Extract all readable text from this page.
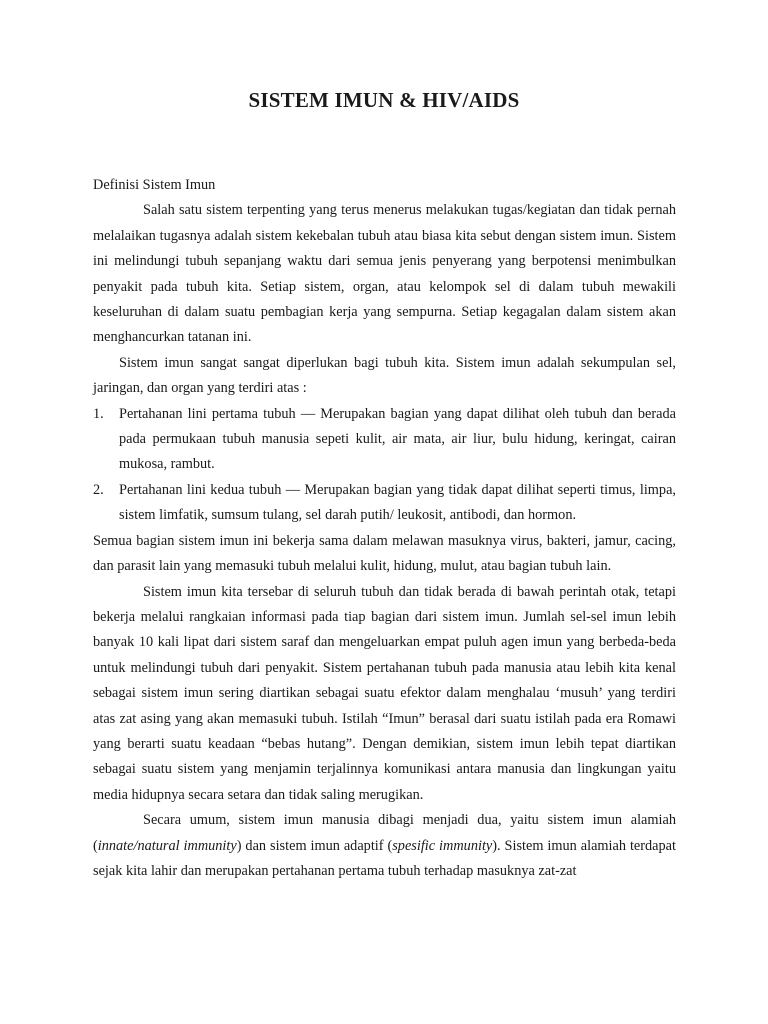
SISTEM IMUN & HIV/AIDS

Definisi Sistem Imun

Salah satu sistem terpenting yang terus menerus melakukan tugas/kegiatan dan tidak pernah melalaikan tugasnya adalah sistem kekebalan tubuh atau biasa kita sebut dengan sistem imun. Sistem ini melindungi tubuh sepanjang waktu dari semua jenis penyerang yang berpotensi menimbulkan penyakit pada tubuh kita. Setiap sistem, organ, atau kelompok sel di dalam tubuh mewakili keseluruhan di dalam suatu pembagian kerja yang sempurna. Setiap kegagalan dalam sistem akan menghancurkan tatanan ini.

Sistem imun sangat sangat diperlukan bagi tubuh kita. Sistem imun adalah sekumpulan sel, jaringan, dan organ yang terdiri atas :

1. Pertahanan lini pertama tubuh — Merupakan bagian yang dapat dilihat oleh tubuh dan berada pada permukaan tubuh manusia sepeti kulit, air mata, air liur, bulu hidung, keringat, cairan mukosa, rambut.
2. Pertahanan lini kedua tubuh — Merupakan bagian yang tidak dapat dilihat seperti timus, limpa, sistem limfatik, sumsum tulang, sel darah putih/ leukosit, antibodi, dan hormon.

Semua bagian sistem imun ini bekerja sama dalam melawan masuknya virus, bakteri, jamur, cacing, dan parasit lain yang memasuki tubuh melalui kulit, hidung, mulut, atau bagian tubuh lain.

Sistem imun kita tersebar di seluruh tubuh dan tidak berada di bawah perintah otak, tetapi bekerja melalui rangkaian informasi pada tiap bagian dari sistem imun. Jumlah sel-sel imun lebih banyak 10 kali lipat dari sistem saraf dan mengeluarkan empat puluh agen imun yang berbeda-beda untuk melindungi tubuh dari penyakit. Sistem pertahanan tubuh pada manusia atau lebih kita kenal sebagai sistem imun sering diartikan sebagai suatu efektor dalam menghalau ‘musuh’ yang terdiri atas zat asing yang akan memasuki tubuh. Istilah “Imun” berasal dari suatu istilah pada era Romawi yang berarti suatu keadaan “bebas hutang”. Dengan demikian, sistem imun lebih tepat diartikan sebagai suatu sistem yang menjamin terjalinnya komunikasi antara manusia dan lingkungan yaitu media hidupnya secara setara dan tidak saling merugikan.

Secara umum, sistem imun manusia dibagi menjadi dua, yaitu sistem imun alamiah (innate/natural immunity) dan sistem imun adaptif (spesific immunity). Sistem imun alamiah terdapat sejak kita lahir dan merupakan pertahanan pertama tubuh terhadap masuknya zat-zat
